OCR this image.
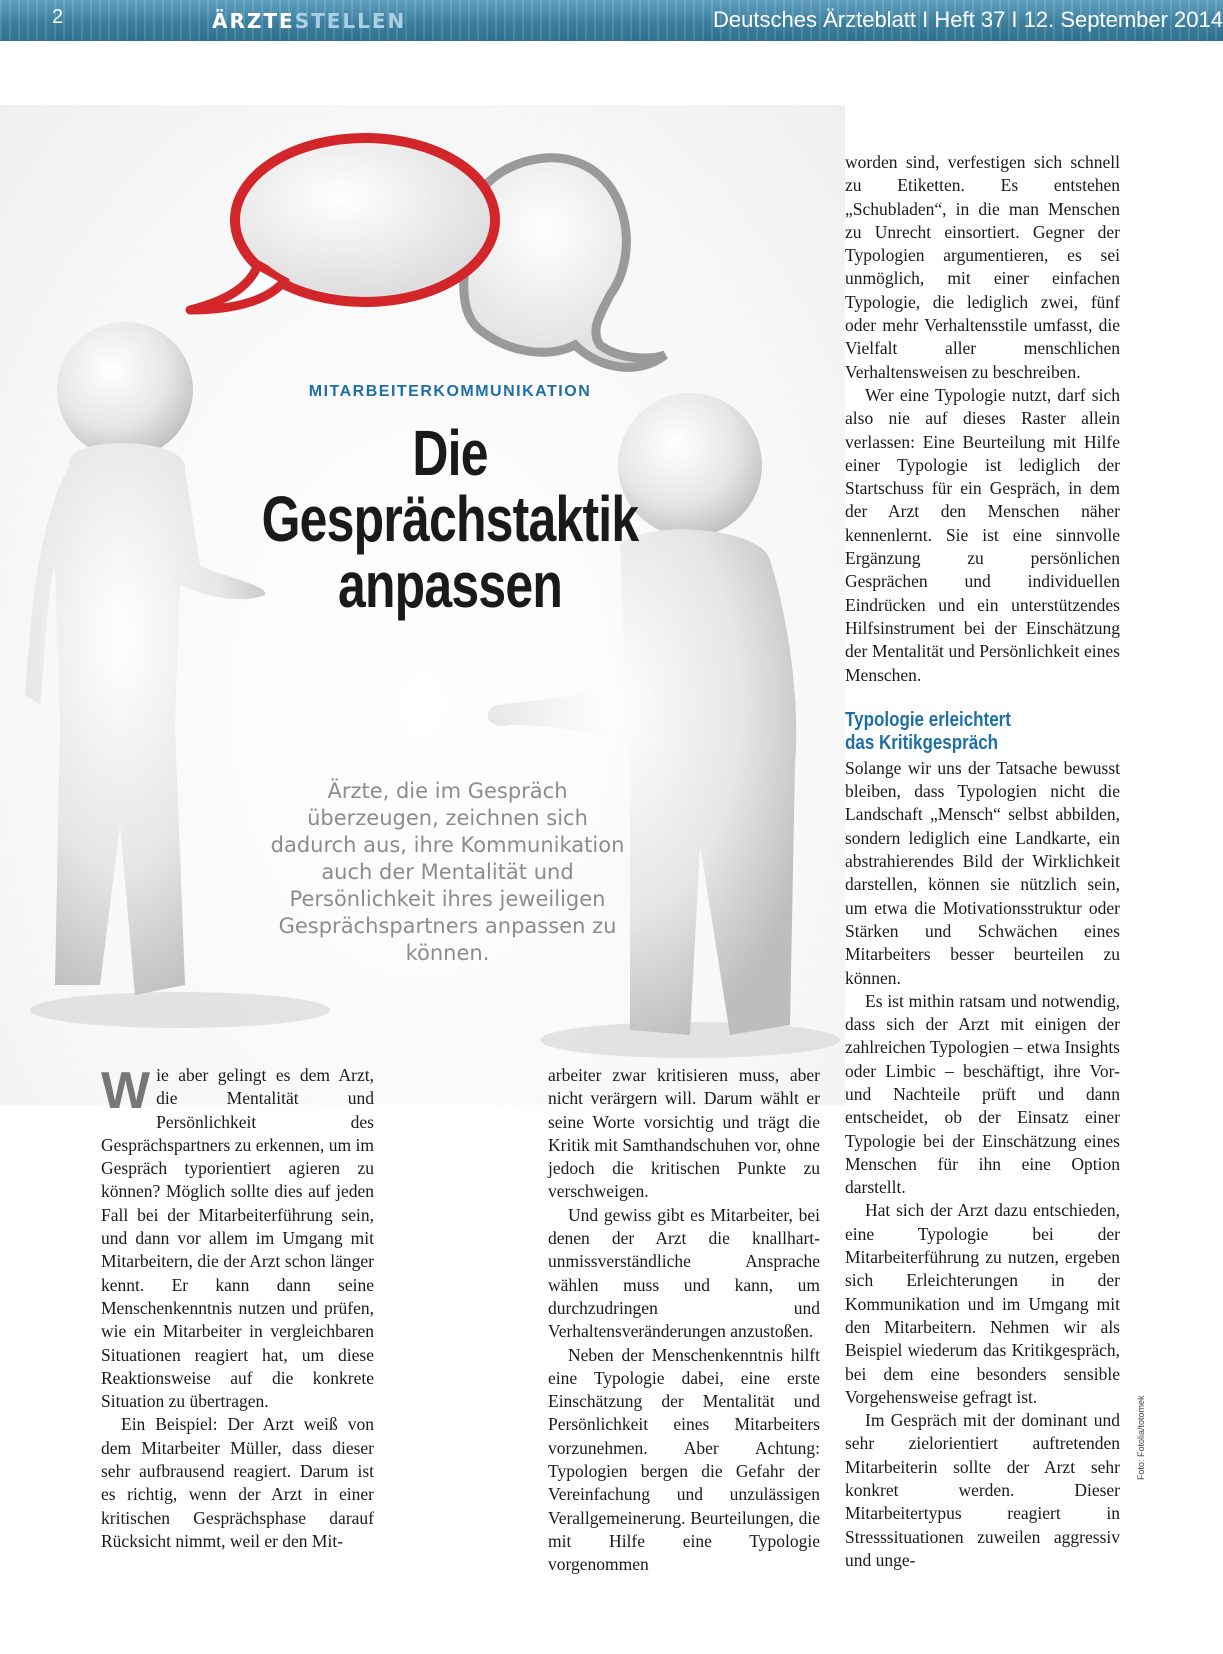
2	ÄRZTESTELLEN	Deutsches Ärzteblatt I Heft 37 I 12. September 2014
MITARBEITERKOMMUNIKATION
Die
Gesprächstaktik
anpassen
Ärzte, die im Gespräch überzeugen, zeichnen sich dadurch aus, ihre Kommunikation auch der Mentalität und Persönlichkeit ihres jeweiligen Gesprächspartners anpassen zu können.

Wie aber gelingt es dem Arzt, die Mentalität und Persönlichkeit des Gesprächspartners zu erkennen, um im Gespräch typorientiert agieren zu können? Möglich sollte dies auf jeden Fall bei der Mitarbeiterführung sein, und dann vor allem im Umgang mit Mitarbeitern, die der Arzt schon länger kennt. Er kann dann seine Menschenkenntnis nutzen und prüfen, wie ein Mitarbeiter in vergleichbaren Situationen reagiert hat, um diese Reaktionsweise auf die konkrete Situation zu übertragen.

Ein Beispiel: Der Arzt weiß von dem Mitarbeiter Müller, dass dieser sehr aufbrausend reagiert. Darum ist es richtig, wenn der Arzt in einer kritischen Gesprächsphase darauf Rücksicht nimmt, weil er den Mit-

arbeiter zwar kritisieren muss, aber nicht verärgern will. Darum wählt er seine Worte vorsichtig und trägt die Kritik mit Samthandschuhen vor, ohne jedoch die kritischen Punkte zu verschweigen.

Und gewiss gibt es Mitarbeiter, bei denen der Arzt die knallhart-unmissverständliche Ansprache wählen muss und kann, um durchzudringen und Verhaltensveränderungen anzustoßen.

Neben der Menschenkenntnis hilft eine Typologie dabei, eine erste Einschätzung der Mentalität und Persönlichkeit eines Mitarbeiters vorzunehmen. Aber Achtung: Typologien bergen die Gefahr der Vereinfachung und unzulässigen Verallgemeinerung. Beurteilungen, die mit Hilfe eine Typologie vorgenommen

worden sind, verfestigen sich schnell zu Etiketten. Es entstehen „Schubladen“, in die man Menschen zu Unrecht einsortiert. Gegner der Typologien argumentieren, es sei unmöglich, mit einer einfachen Typologie, die lediglich zwei, fünf oder mehr Verhaltensstile umfasst, die Vielfalt aller menschlichen Verhaltensweisen zu beschreiben.

Wer eine Typologie nutzt, darf sich also nie auf dieses Raster allein verlassen: Eine Beurteilung mit Hilfe einer Typologie ist lediglich der Startschuss für ein Gespräch, in dem der Arzt den Menschen näher kennenlernt. Sie ist eine sinnvolle Ergänzung zu persönlichen Gesprächen und individuellen Eindrücken und ein unterstützendes Hilfsinstrument bei der Einschätzung der Mentalität und Persönlichkeit eines Menschen.

Typologie erleichtert
das Kritikgespräch

Solange wir uns der Tatsache bewusst bleiben, dass Typologien nicht die Landschaft „Mensch“ selbst abbilden, sondern lediglich eine Landkarte, ein abstrahierendes Bild der Wirklichkeit darstellen, können sie nützlich sein, um etwa die Motivationsstruktur oder Stärken und Schwächen eines Mitarbeiters besser beurteilen zu können.

Es ist mithin ratsam und notwendig, dass sich der Arzt mit einigen der zahlreichen Typologien – etwa Insights oder Limbic – beschäftigt, ihre Vor- und Nachteile prüft und dann entscheidet, ob der Einsatz einer Typologie bei der Einschätzung eines Menschen für ihn eine Option darstellt.

Hat sich der Arzt dazu entschieden, eine Typologie bei der Mitarbeiterführung zu nutzen, ergeben sich Erleichterungen in der Kommunikation und im Umgang mit den Mitarbeitern. Nehmen wir als Beispiel wiederum das Kritikgespräch, bei dem eine besonders sensible Vorgehensweise gefragt ist.

Im Gespräch mit der dominant und sehr zielorientiert auftretenden Mitarbeiterin sollte der Arzt sehr konkret werden. Dieser Mitarbeitertypus reagiert in Stresssituationen zuweilen aggressiv und unge-

Foto: Fotolia/totomek
